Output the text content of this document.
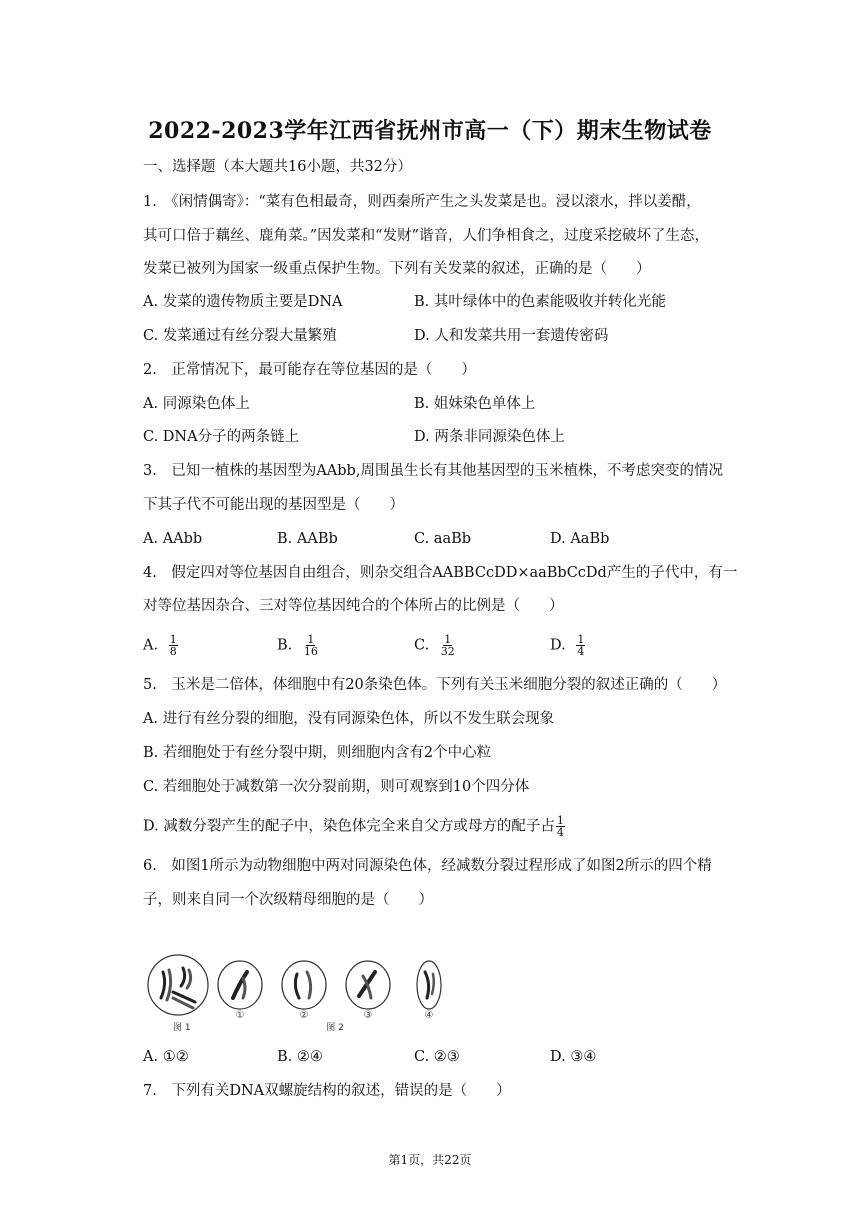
2022-2023学年江西省抚州市高一（下）期末生物试卷
一、选择题（本大题共16小题，共32分）
1.　《闲情偶寄》：“菜有色相最奇，则西秦所产生之头发菜是也。浸以滚水，拌以姜醋，
其可口倍于藕丝、鹿角菜。”因发菜和“发财”谐音，人们争相食之，过度采挖破坏了生态，
发菜已被列为国家一级重点保护生物。下列有关发菜的叙述，正确的是（　　）
A. 发菜的遗传物质主要是DNA	B. 其叶绿体中的色素能吸收并转化光能
C. 发菜通过有丝分裂大量繁殖	D. 人和发菜共用一套遗传密码
2.　正常情况下，最可能存在等位基因的是（　　）
A. 同源染色体上	B. 姐妹染色单体上
C. DNA分子的两条链上	D. 两条非同源染色体上
3.　已知一植株的基因型为AAbb,周围虽生长有其他基因型的玉米植株，不考虑突变的情况
下其子代不可能出现的基因型是（　　）
A. AAbb	B. AABb	C. aaBb	D. AaBb
4.　假定四对等位基因自由组合，则杂交组合AABBCcDD×aaBbCcDd产生的子代中，有一
对等位基因杂合、三对等位基因纯合的个体所占的比例是（　　）
A. $\frac{1}{8}$	B. $\frac{1}{16}$	C. $\frac{1}{32}$	D. $\frac{1}{4}$
5.　玉米是二倍体，体细胞中有20条染色体。下列有关玉米细胞分裂的叙述正确的（　　）
A. 进行有丝分裂的细胞，没有同源染色体，所以不发生联会现象
B. 若细胞处于有丝分裂中期，则细胞内含有2个中心粒
C. 若细胞处于减数第一次分裂前期，则可观察到10个四分体
D. 减数分裂产生的配子中，染色体完全来自父方或母方的配子占 $\frac{1}{4}$
6.　如图1所示为动物细胞中两对同源染色体，经减数分裂过程形成了如图2所示的四个精
子，则来自同一个次级精母细胞的是（　　）
图 1
①	②
图 2
③	④
A. ①②	B. ②④	C. ②③	D. ③④
7.　下列有关DNA双螺旋结构的叙述，错误的是（　　）
第1页，共22页
